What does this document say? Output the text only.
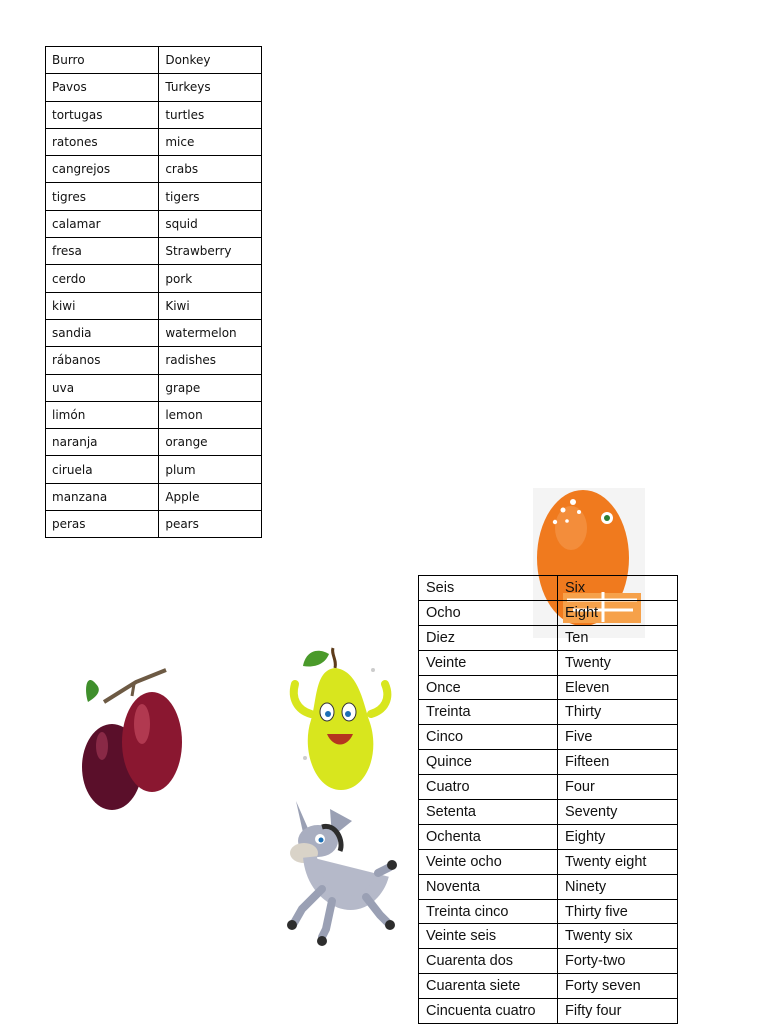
Burro	Donkey
Pavos	Turkeys
tortugas	turtles
ratones	mice
cangrejos	crabs
tigres	tigers
calamar	squid
fresa	Strawberry
cerdo	pork
kiwi	Kiwi
sandia	watermelon
rábanos	radishes
uva	grape
limón	lemon
naranja	orange
ciruela	plum
manzana	Apple
peras	pears
Seis	Six
Ocho	Eight
Diez	Ten
Veinte	Twenty
Once	Eleven
Treinta	Thirty
Cinco	Five
Quince	Fifteen
Cuatro	Four
Setenta	Seventy
Ochenta	Eighty
Veinte ocho	Twenty eight
Noventa	Ninety
Treinta cinco	Thirty five
Veinte seis	Twenty six
Cuarenta dos	Forty-two
Cuarenta siete	Forty seven
Cincuenta cuatro	Fifty four
